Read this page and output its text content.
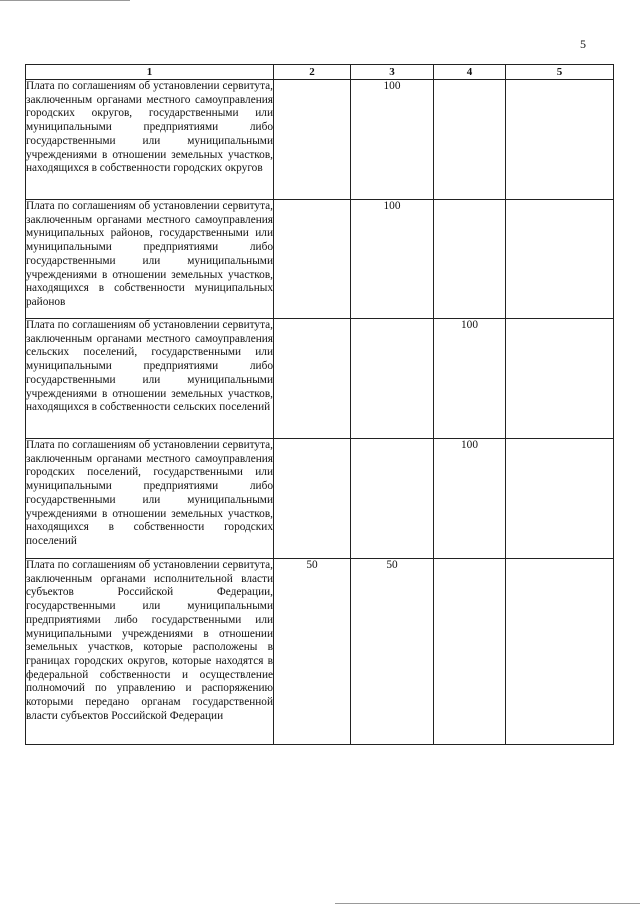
5
1	2	3	4	5
Плата по соглашениям об установлении сервитута, заключенным органами местного самоуправления городских округов, государственными или муниципальными предприятиями либо государственными или муниципальными учреждениями в отношении земельных участков, находящихся в собственности городских округов		100		
Плата по соглашениям об установлении сервитута, заключенным органами местного самоуправления муниципальных районов, государственными или муниципальными предприятиями либо государственными или муниципальными учреждениями в отношении земельных участков, находящихся в собственности муниципальных районов		100		
Плата по соглашениям об установлении сервитута, заключенным органами местного самоуправления сельских поселений, государственными или муниципальными предприятиями либо государственными или муниципальными учреждениями в отношении земельных участков, находящихся в собственности сельских поселений			100	
Плата по соглашениям об установлении сервитута, заключенным органами местного самоуправления городских поселений, государственными или муниципальными предприятиями либо государственными или муниципальными учреждениями в отношении земельных участков, находящихся в собственности городских поселений			100	
Плата по соглашениям об установлении сервитута, заключенным органами исполнительной власти субъектов Российской Федерации, государственными или муниципальными предприятиями либо государственными или муниципальными учреждениями в отношении земельных участков, которые расположены в границах городских округов, которые находятся в федеральной собственности и осуществление полномочий по управлению и распоряжению которыми передано органам государственной власти субъектов Российской Федерации	50	50		
